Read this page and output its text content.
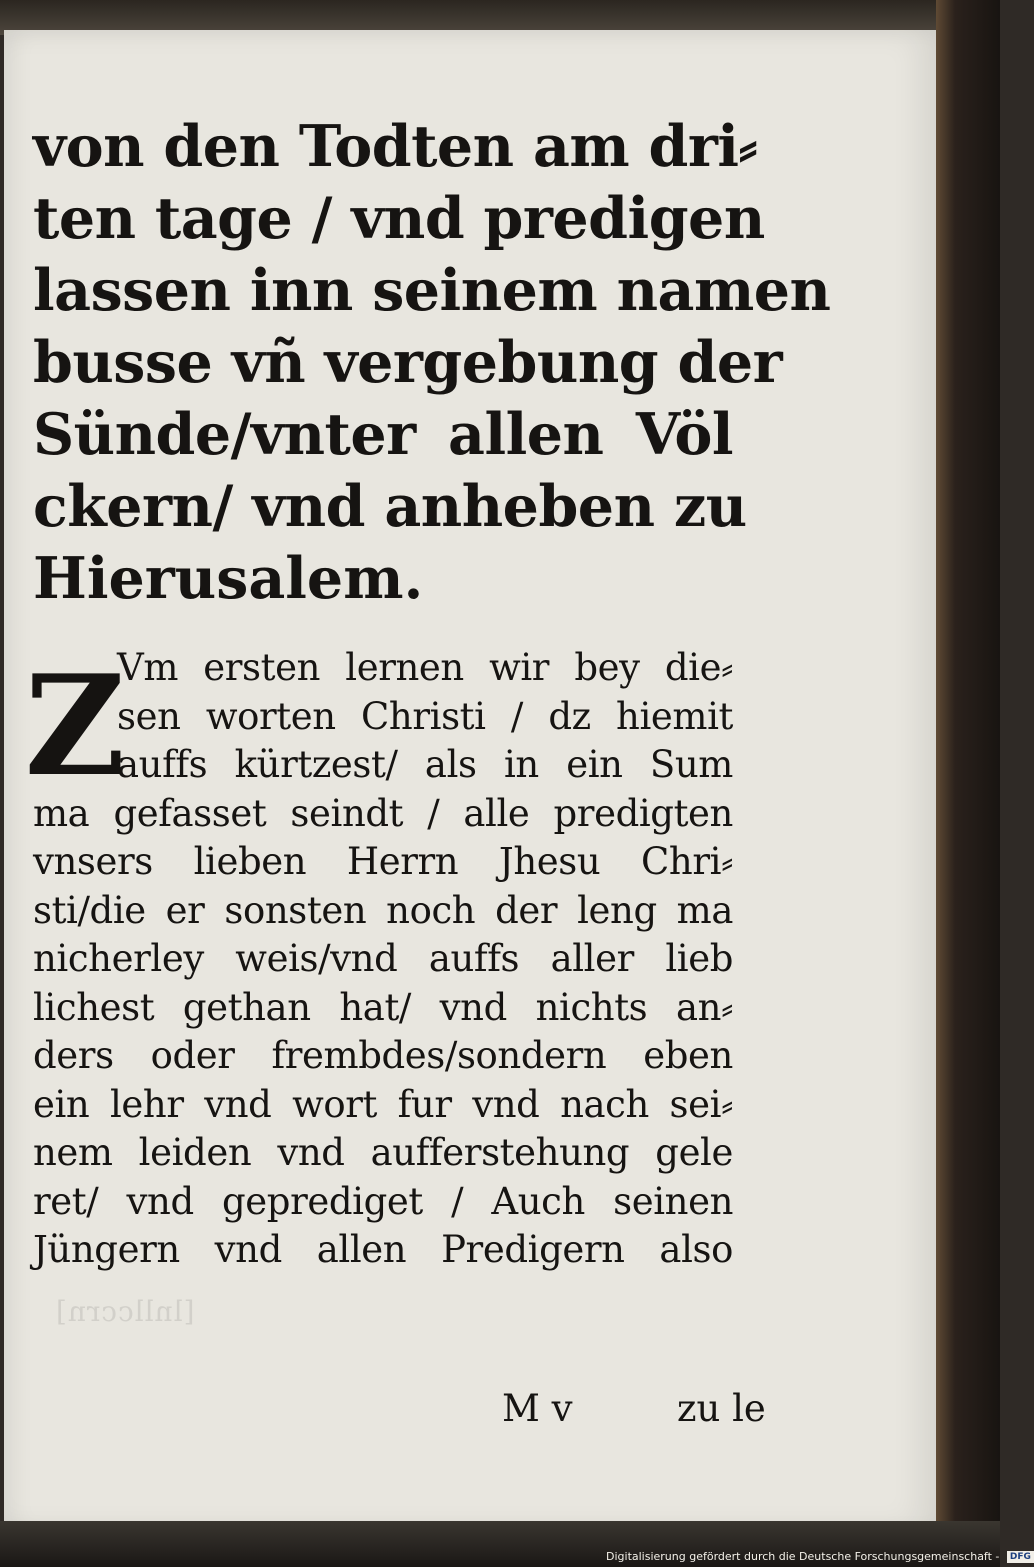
[lnllccrn]
von den Todten am dri⸗
ten tage / vnd predigen
lassen inn seinem namen
busse vñ vergebung der
Sünde/vnter allen Völ
ckern/ vnd anheben zu
Hierusalem.
Z
Vm ersten lernen wir bey die⸗
sen worten Christi / dz hiemit
auffs kürtzest/ als in ein Sum
ma gefasset seindt / alle predigten
vnsers lieben Herrn Jhesu Chri⸗
sti/die er sonsten noch der leng ma
nicherley weis/vnd auffs aller lieb
lichest gethan hat/ vnd nichts an⸗
ders oder frembdes/sondern eben
ein lehr vnd wort fur vnd nach sei⸗
nem leiden vnd aufferstehung gele
ret/ vnd geprediget / Auch seinen
Jüngern vnd allen Predigern also
M v	zu le
Digitalisierung gefördert durch die Deutsche Forschungsgemeinschaft - DFG
